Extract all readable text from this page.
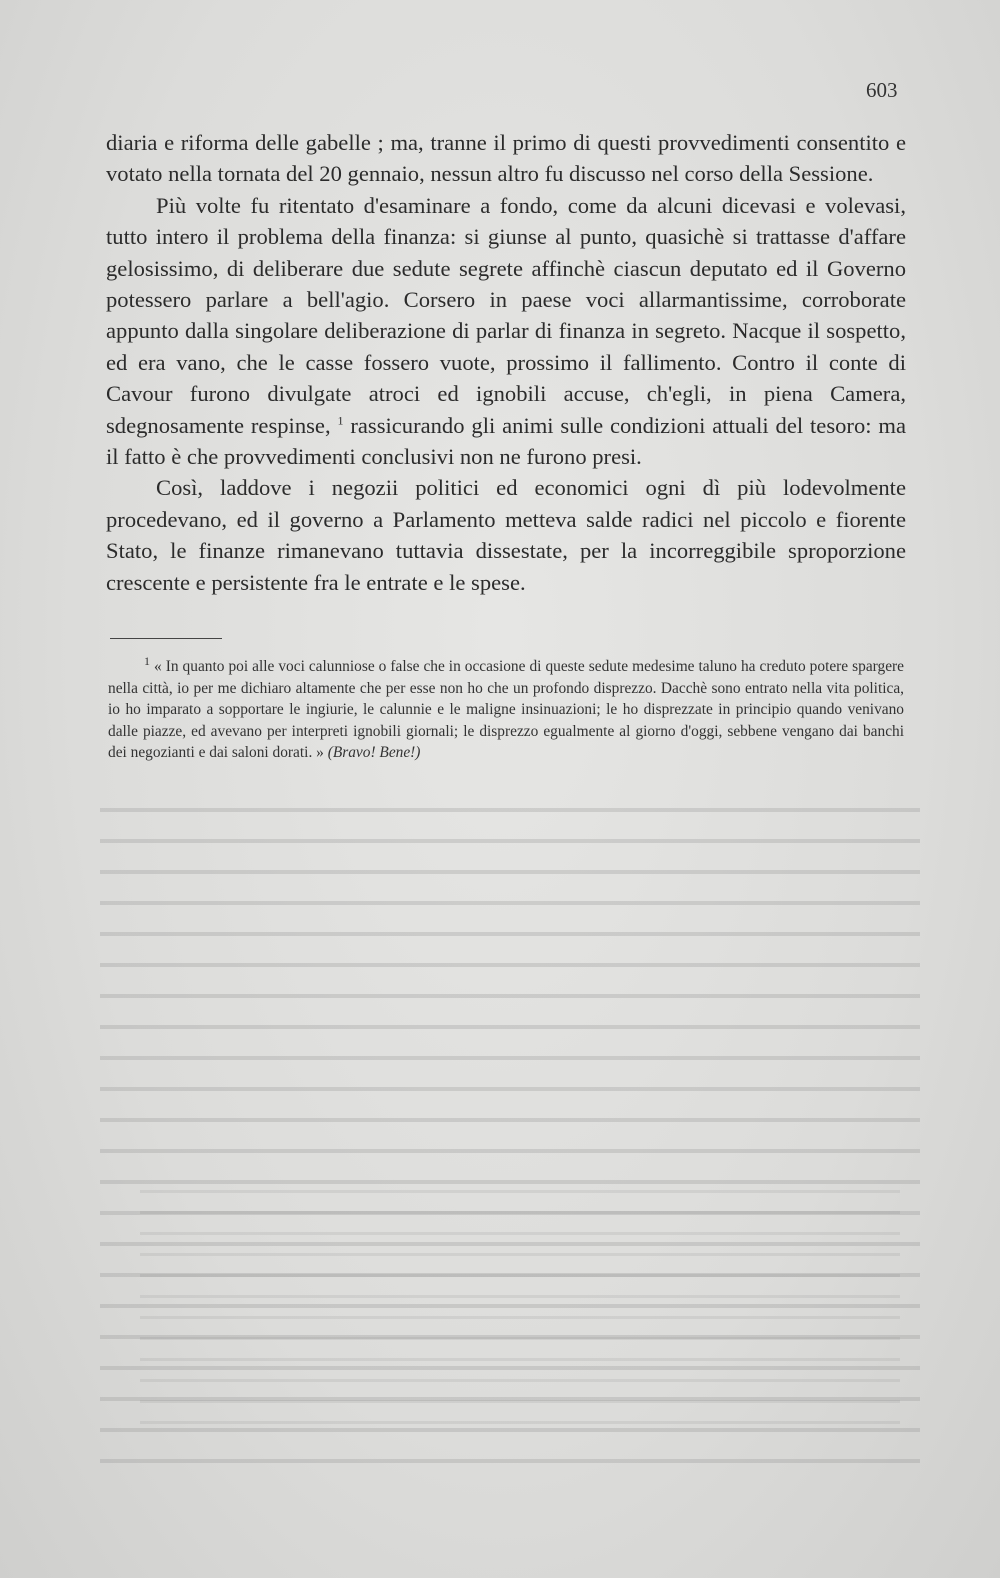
603

diaria e riforma delle gabelle ; ma, tranne il primo di questi provvedimenti consentito e votato nella tornata del 20 gennaio, nessun altro fu discusso nel corso della Sessione.

Più volte fu ritentato d'esaminare a fondo, come da alcuni dicevasi e volevasi, tutto intero il problema della finanza: si giunse al punto, quasichè si trattasse d'affare gelosissimo, di deliberare due sedute segrete affinchè ciascun deputato ed il Governo potessero parlare a bell'agio. Corsero in paese voci allarmantissime, corroborate appunto dalla singolare deliberazione di parlar di finanza in segreto. Nacque il sospetto, ed era vano, che le casse fossero vuote, prossimo il fallimento. Contro il conte di Cavour furono divulgate atroci ed ignobili accuse, ch'egli, in piena Camera, sdegnosamente respinse, $^1$ rassicurando gli animi sulle condizioni attuali del tesoro: ma il fatto è che provvedimenti conclusivi non ne furono presi.

Così, laddove i negozii politici ed economici ogni dì più lodevolmente procedevano, ed il governo a Parlamento metteva salde radici nel piccolo e fiorente Stato, le finanze rimanevano tuttavia dissestate, per la incorreggibile sproporzione crescente e persistente fra le entrate e le spese.

$^1$ « In quanto poi alle voci calunniose o false che in occasione di queste sedute medesime taluno ha creduto potere spargere nella città, io per me dichiaro altamente che per esse non ho che un profondo disprezzo. Dacchè sono entrato nella vita politica, io ho imparato a sopportare le ingiurie, le calunnie e le maligne insinuazioni; le ho disprezzate in principio quando venivano dalle piazze, ed avevano per interpreti ignobili giornali; le disprezzo egualmente al giorno d'oggi, sebbene vengano dai banchi dei negozianti e dai saloni dorati. » (Bravo! Bene!)
